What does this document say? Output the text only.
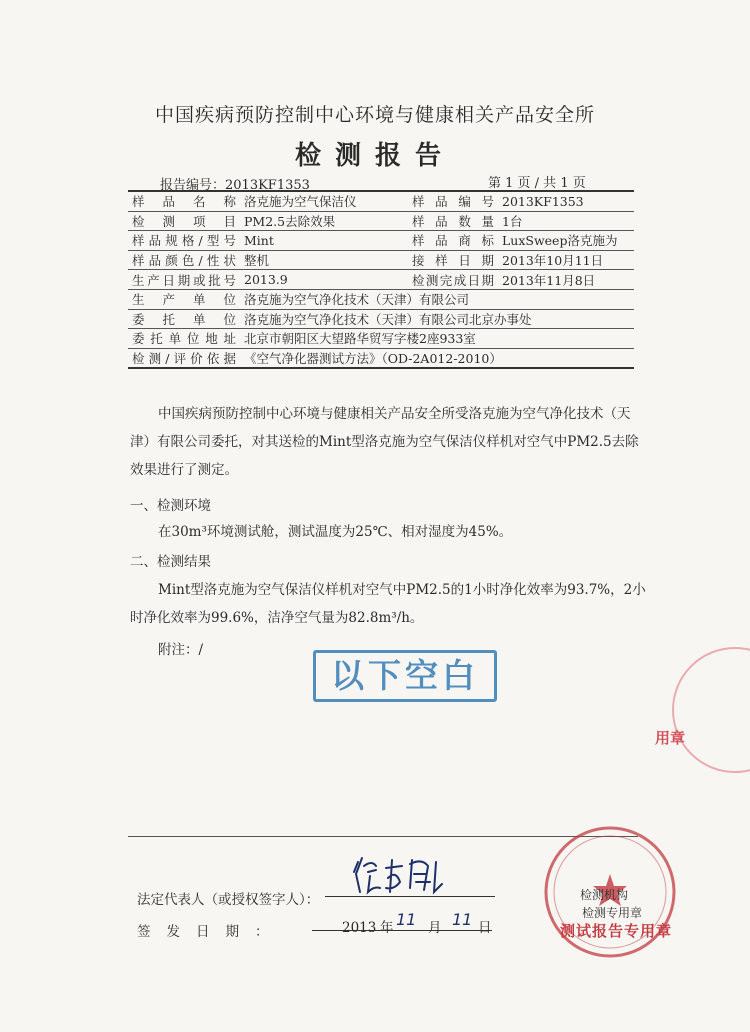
中国疾病预防控制中心环境与健康相关产品安全所
检测报告
报告编号：2013KF1353	第 1 页 / 共 1 页
样品名称	洛克施为空气保洁仪	样品编号	2013KF1353
检测项目	PM2.5去除效果	样品数量	1台
样品规格/型号	Mint	样品商标	LuxSweep洛克施为
样品颜色/性状	整机	接样日期	2013年10月11日
生产日期或批号	2013.9	检测完成日期	2013年11月8日
生产单位	洛克施为空气净化技术（天津）有限公司		
委托单位	洛克施为空气净化技术（天津）有限公司北京办事处		
委托单位地址	北京市朝阳区大望路华贸写字楼2座933室		
检测/评价依据	《空气净化器测试方法》（OD-2A012-2010）		
中国疾病预防控制中心环境与健康相关产品安全所受洛克施为空气净化技术（天津）有限公司委托，对其送检的Mint型洛克施为空气保洁仪样机对空气中PM2.5去除效果进行了测定。
一、检测环境
在30m³环境测试舱，测试温度为25℃、相对湿度为45%。
二、检测结果
Mint型洛克施为空气保洁仪样机对空气中PM2.5的1小时净化效率为93.7%，2小时净化效率为99.6%，洁净空气量为82.8m³/h。
附注：/
以下空白
用章
法定代表人（或授权签字人）：
签发日期：	2013 年 11 月 11 日
检测机构
检测专用章
测试报告专用章
